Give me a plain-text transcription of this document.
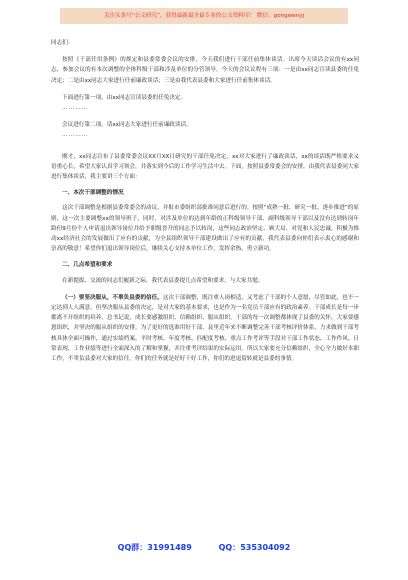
关注头条号“公文研究”，获得最新最全最专业的公文资料库！ 微信：gongwenyj

同志们：

按照《干部任用条例》的规定和县委常委会议的安排，今天我们进行干部任前集体谈话。出席今天谈话会议的有xx同志，参加会议的有本次调整的全体科级干部和涉及单位的分管领导。今天的会议议程有三项：一是由xx同志宣读县委的任免决定；二是由xx同志大家进行任前廉政谈话；三是由我代表县委和大家进行任前集体谈话。

下面进行第一项，由xx同志宣读县委的任免决定。

…………

会议进行第二项，请xx同志大家进行任前廉政谈话。

…………

刚才，xx同志宣布了县委常委会议XX月XX日研究的干部任免决定，xx对大家进行了廉政谈话，xx的谈话既严格要求又语重心长，希望大家认真学习领会，并落实到今后的工作学习生活中去。下面，按照县委常委会的安排，由我代表县委同大家进行集体谈话，我主要讲三个方面：

一、本次干部调整的情况

这次干部调整是根据县委常委会的动议，并报市委组织部批准同意后进行的。按照“成熟一批、研究一批、逐步推进”的原则，这一次主要调整xx的领导班子，同时，对涉及单位的达到年龄的正科级领导干部、副科级领导干部以及没有达到转岗年龄但9月份个人申请退出领导岗位并给予职级晋升的同志予以转岗，这些同志政治坚定、顾大局、对党和人民忠诚，积极为推动xx经济社会的发展做出了应有的贡献，为全县组织领导干部建设做出了应有的贡献，我代表县委向你们表示衷心的感谢和崇高的敬意！希望你们退出领导岗位后，继续关心支持本单位工作，发挥余热，勇立新功。

二、几点希望和要求

在新提拔、交流的同志们履新之际，我代表县委提几点希望和要求，与大家共勉。

（一）要坚决服从，不辜负县委的信任。这次干部调整，既注重人岗相适，又考虑了干部的个人意愿，尽管如此，也不一定达到人人满意。但坚决服从县委的决定，是对大家的基本要求，也是作为一名党员干部应有的政治素养。干部成长是每一步都离不开组织的培养，总书记说，成长要感激组织、信赖组织、服从组织。干部的每一次调整都体现了县委的关怀，大家要感恩组织，并坚决的服从组织的安排。为了更好的选准用好干部，县里近年来不断调整完善干部考核评价体系，力求做到干部考核具体全面可操作，通过实绩档案、平时考核、年度考核、匹配度考核、重点工作考评等手段对干部工作状态、工作作风、日常表现、工作业绩等进行全面深入的了解和掌握，并注重考评结果的实际运用。所以大家要充分信赖组织，全心全力做好本职工作，不辜负县委对大家的信任。你们的任务就是好好干好工作，你们的进退留转就是县委的事情。

QQ群：31991489	QQ：535304092
